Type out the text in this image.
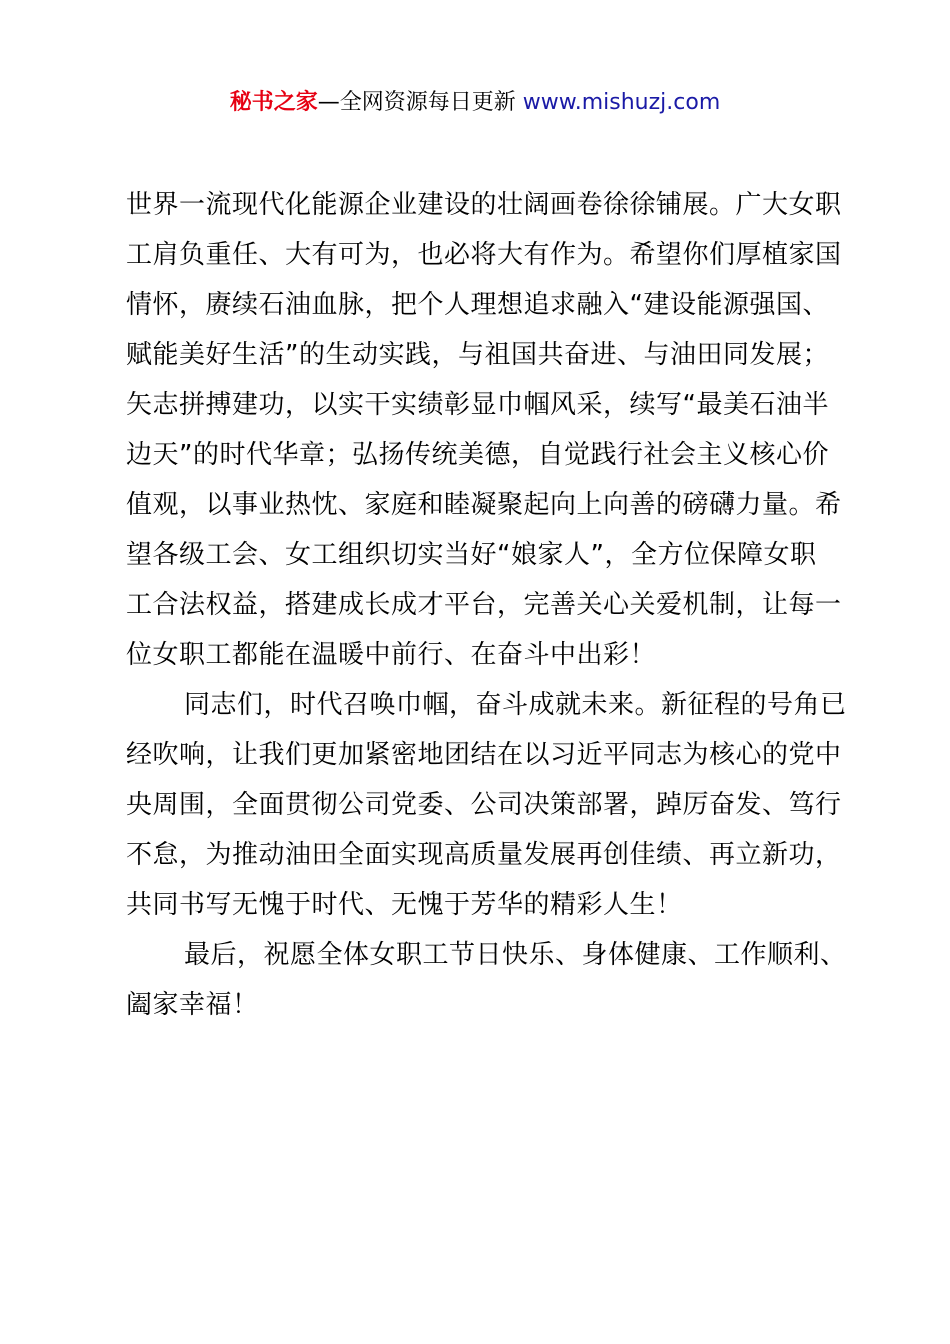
秘书之家—全网资源每日更新 www.mishuzj.com
世界一流现代化能源企业建设的壮阔画卷徐徐铺展。广大女职
工肩负重任、大有可为，也必将大有作为。希望你们厚植家国
情怀，赓续石油血脉，把个人理想追求融入“建设能源强国、
赋能美好生活”的生动实践，与祖国共奋进、与油田同发展；
矢志拼搏建功，以实干实绩彰显巾帼风采，续写“最美石油半
边天”的时代华章；弘扬传统美德，自觉践行社会主义核心价
值观，以事业热忱、家庭和睦凝聚起向上向善的磅礴力量。希
望各级工会、女工组织切实当好“娘家人”，全方位保障女职
工合法权益，搭建成长成才平台，完善关心关爱机制，让每一
位女职工都能在温暖中前行、在奋斗中出彩！
同志们，时代召唤巾帼，奋斗成就未来。新征程的号角已
经吹响，让我们更加紧密地团结在以习近平同志为核心的党中
央周围，全面贯彻公司党委、公司决策部署，踔厉奋发、笃行
不怠，为推动油田全面实现高质量发展再创佳绩、再立新功，
共同书写无愧于时代、无愧于芳华的精彩人生！
最后，祝愿全体女职工节日快乐、身体健康、工作顺利、
阖家幸福！
